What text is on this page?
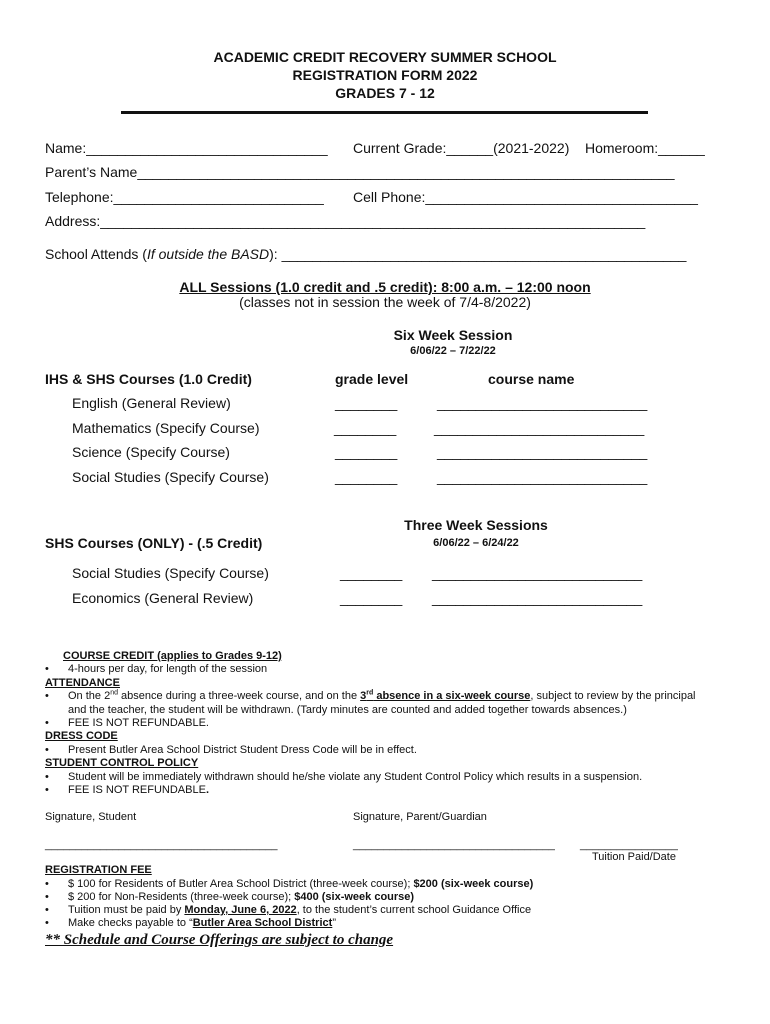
ACADEMIC CREDIT RECOVERY SUMMER SCHOOL
REGISTRATION FORM 2022
GRADES 7 - 12
Name:_______________________________ Current Grade:______(2021-2022) Homeroom:______
Parent’s Name_____________________________________________________________________
Telephone:___________________________ Cell Phone:___________________________________
Address:______________________________________________________________________
School Attends (If outside the BASD): ____________________________________________________
ALL Sessions (1.0 credit and .5 credit): 8:00 a.m. – 12:00 noon
(classes not in session the week of 7/4-8/2022)
Six Week Session
6/06/22 – 7/22/22
IHS & SHS Courses (1.0 Credit)	grade level	course name
English (General Review)	________	___________________________
Mathematics (Specify Course)	________	___________________________
Science (Specify Course)	________	___________________________
Social Studies (Specify Course)	________	___________________________
Three Week Sessions
SHS Courses (ONLY) - (.5 Credit)	6/06/22 – 6/24/22
Social Studies (Specify Course)	________ ___________________________
Economics (General Review)	________ ___________________________
COURSE CREDIT (applies to Grades 9-12)
• 4-hours per day, for length of the session
ATTENDANCE
• On the 2nd absence during a three-week course, and on the 3rd absence in a six-week course, subject to review by the principal
and the teacher, the student will be withdrawn. (Tardy minutes are counted and added together towards absences.)
• FEE IS NOT REFUNDABLE.
DRESS CODE
• Present Butler Area School District Student Dress Code will be in effect.
STUDENT CONTROL POLICY
• Student will be immediately withdrawn should he/she violate any Student Control Policy which results in a suspension.
• FEE IS NOT REFUNDABLE.
Signature, Student	Signature, Parent/Guardian
______________________________________	_________________________________ ________________
Tuition Paid/Date
REGISTRATION FEE
• $ 100 for Residents of Butler Area School District (three-week course); $200 (six-week course)
• $ 200 for Non-Residents (three-week course); $400 (six-week course)
• Tuition must be paid by Monday, June 6, 2022, to the student’s current school Guidance Office
• Make checks payable to “Butler Area School District”
** Schedule and Course Offerings are subject to change
